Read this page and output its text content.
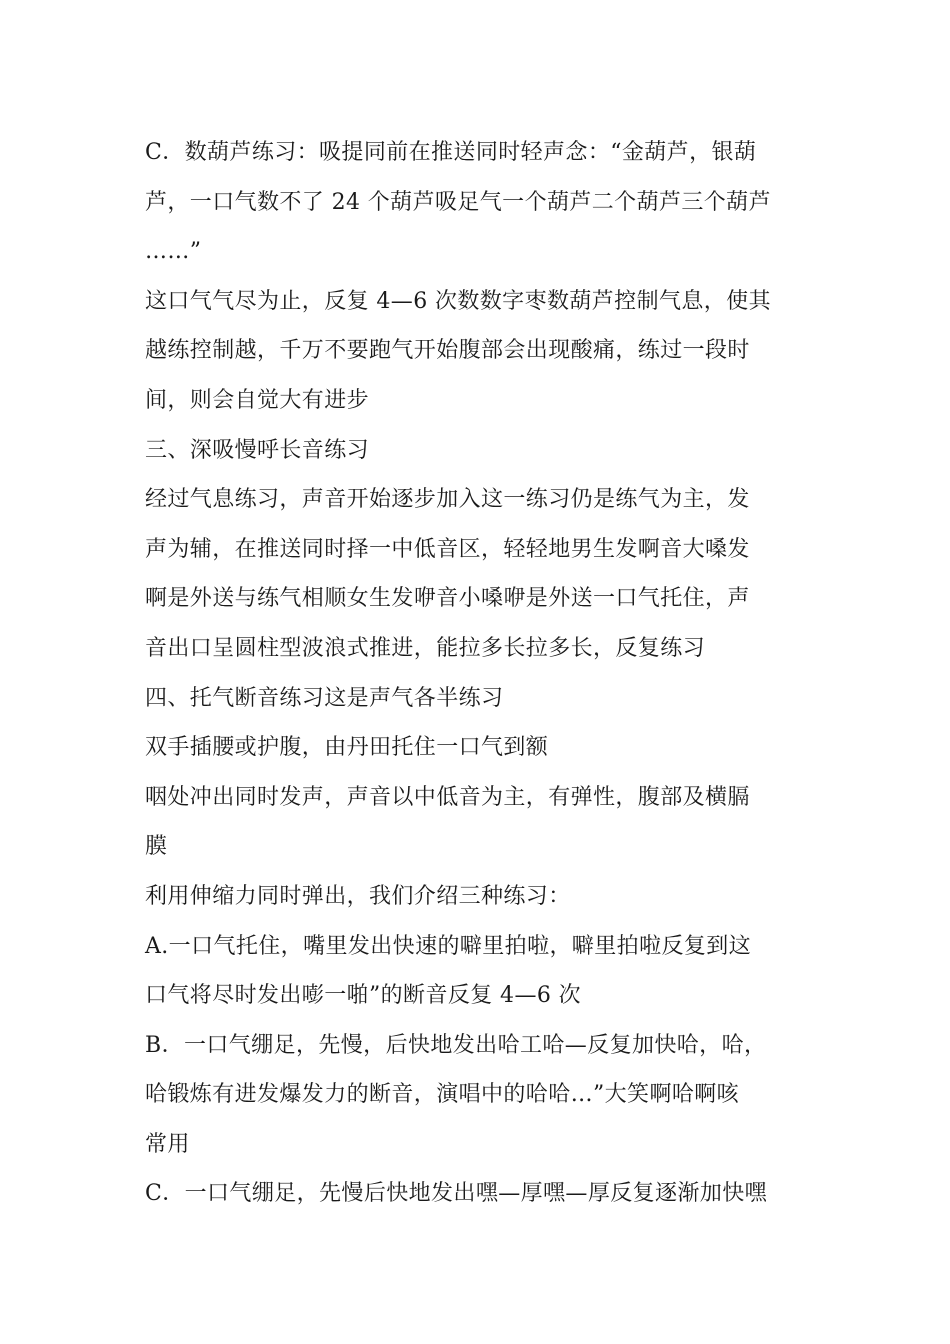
C．数葫芦练习：吸提同前在推送同时轻声念：“金葫芦，银葫
芦，一口气数不了 24 个葫芦吸足气一个葫芦二个葫芦三个葫芦
……”
这口气气尽为止，反复 4—6 次数数字枣数葫芦控制气息，使其
越练控制越，千万不要跑气开始腹部会出现酸痛，练过一段时
间，则会自觉大有进步
三、深吸慢呼长音练习
经过气息练习，声音开始逐步加入这一练习仍是练气为主，发
声为辅，在推送同时择一中低音区，轻轻地男生发啊音大嗓发
啊是外送与练气相顺女生发咿音小嗓咿是外送一口气托住，声
音出口呈圆柱型波浪式推进，能拉多长拉多长，反复练习
四、托气断音练习这是声气各半练习
双手插腰或护腹，由丹田托住一口气到额
咽处冲出同时发声，声音以中低音为主，有弹性，腹部及横膈
膜
利用伸缩力同时弹出，我们介绍三种练习：
A.一口气托住，嘴里发出快速的噼里拍啦，噼里拍啦反复到这
口气将尽时发出嘭一啪”的断音反复 4—6 次
B．一口气绷足，先慢，后快地发出哈工哈—反复加快哈，哈，
哈锻炼有进发爆发力的断音，演唱中的哈哈…”大笑啊哈啊咳
常用
C．一口气绷足，先慢后快地发出嘿—厚嘿—厚反复逐渐加快嘿
